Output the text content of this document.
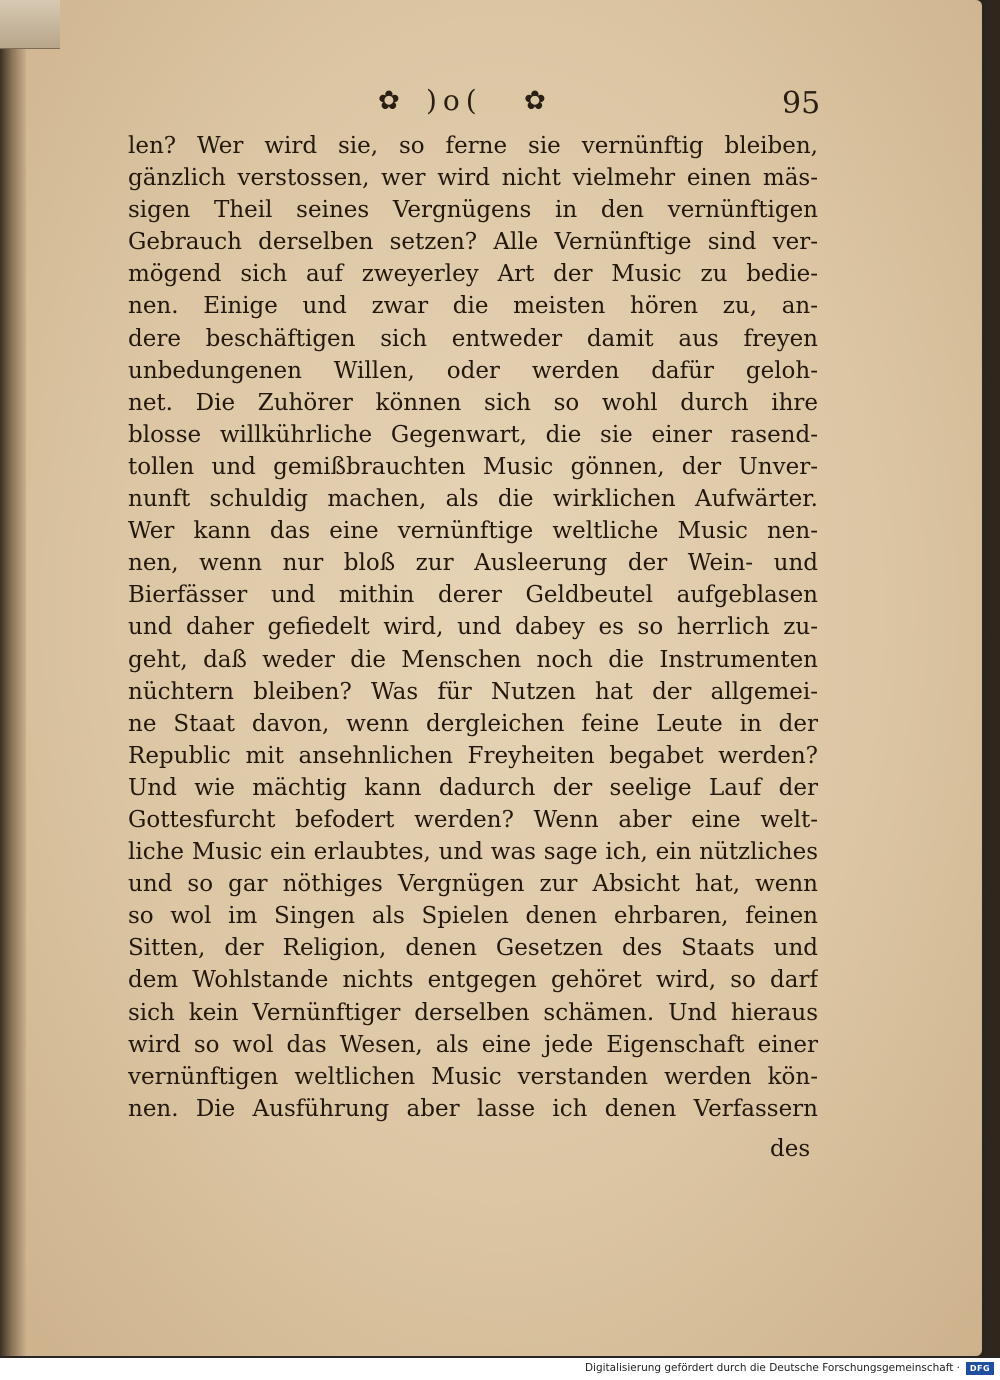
✿ )o( ✿	95
len? Wer wird sie, so ferne sie vernünftig bleiben,
gänzlich verstossen, wer wird nicht vielmehr einen mäs-
sigen Theil seines Vergnügens in den vernünftigen
Gebrauch derselben setzen? Alle Vernünftige sind ver-
mögend sich auf zweyerley Art der Music zu bedie-
nen. Einige und zwar die meisten hören zu, an-
dere beschäftigen sich entweder damit aus freyen
unbedungenen Willen, oder werden dafür geloh-
net. Die Zuhörer können sich so wohl durch ihre
blosse willkührliche Gegenwart, die sie einer rasend-
tollen und gemißbrauchten Music gönnen, der Unver-
nunft schuldig machen, als die wirklichen Aufwärter.
Wer kann das eine vernünftige weltliche Music nen-
nen, wenn nur bloß zur Ausleerung der Wein- und
Bierfässer und mithin derer Geldbeutel aufgeblasen
und daher gefiedelt wird, und dabey es so herrlich zu-
geht, daß weder die Menschen noch die Instrumenten
nüchtern bleiben? Was für Nutzen hat der allgemei-
ne Staat davon, wenn dergleichen feine Leute in der
Republic mit ansehnlichen Freyheiten begabet werden?
Und wie mächtig kann dadurch der seelige Lauf der
Gottesfurcht befodert werden? Wenn aber eine welt-
liche Music ein erlaubtes, und was sage ich, ein nützliches
und so gar nöthiges Vergnügen zur Absicht hat, wenn
so wol im Singen als Spielen denen ehrbaren, feinen
Sitten, der Religion, denen Gesetzen des Staats und
dem Wohlstande nichts entgegen gehöret wird, so darf
sich kein Vernünftiger derselben schämen. Und hieraus
wird so wol das Wesen, als eine jede Eigenschaft einer
vernünftigen weltlichen Music verstanden werden kön-
nen. Die Ausführung aber lasse ich denen Verfassern
des
Digitalisierung gefördert durch die Deutsche Forschungsgemeinschaft ·	DFG
